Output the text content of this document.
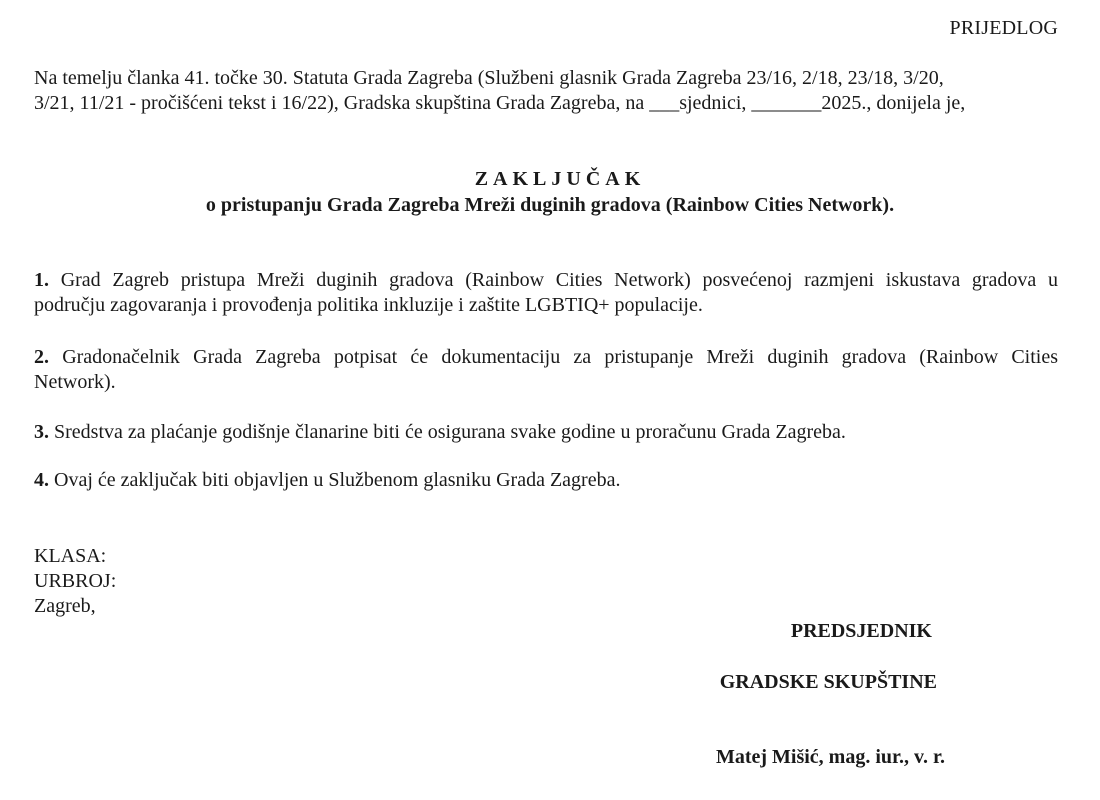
PRIJEDLOG

Na temelju članka 41. točke 30. Statuta Grada Zagreba (Službeni glasnik Grada Zagreba 23/16, 2/18, 23/18, 3/20,
3/21, 11/21 - pročišćeni tekst i 16/22), Gradska skupština Grada Zagreba, na ___sjednici, _______2025., donijela je,

ZAKLJUČAK
o pristupanju Grada Zagreba Mreži duginih gradova (Rainbow Cities Network).

1. Grad Zagreb pristupa Mreži duginih gradova (Rainbow Cities Network) posvećenoj razmjeni iskustava gradova u
području zagovaranja i provođenja politika inkluzije i zaštite LGBTIQ+ populacije.

2. Gradonačelnik Grada Zagreba potpisat će dokumentaciju za pristupanje Mreži duginih gradova (Rainbow Cities
Network).

3. Sredstva za plaćanje godišnje članarine biti će osigurana svake godine u proračunu Grada Zagreba.

4. Ovaj će zaključak biti objavljen u Službenom glasniku Grada Zagreba.

KLASA:
URBROJ:
Zagreb,
PREDSJEDNIK
GRADSKE SKUPŠTINE
Matej Mišić, mag. iur., v. r.
